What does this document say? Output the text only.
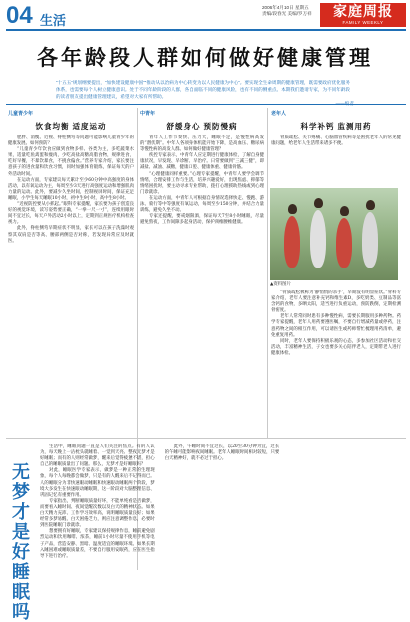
04 生活
2006年4月10日 星期五
责编/段春光 美编/罗万祥	家庭周报
FAMILY WEEKLY
各年龄段人群如何做好健康管理
“十五五”规划纲要提出，“加快建设健康中国”“推动从以治病为中心转变为以人民健康为中心”。要实现全生命周期的健康管理，既需要政府优化服务体系，也需要每个人树立健康意识。处于不同年龄阶段的人群，各自面临不同的健康风险，也有不同的侧重点。本期我们邀请专家，为不同年龄段的读者朋友提出健康管理建议，希望对大家有所帮助。
儿童青少年
饮食均衡 适度运动

肥胖、消瘦、近视、脊柱侧弯等问题可能影响儿童青少年的健康发展。如何预防？

“儿童青少年饮食应做到食物多样、谷类为主，多吃蔬菜水果，适量吃鱼禽蛋和瘦肉，少吃高盐高糖高脂食物，规律进食，吃好早餐，不暴饮暴食，不挑食偏食。”营养专家介绍，家长要注意孩子的进食量和饮食习惯，同时加强体育锻炼，保证每天的户外活动时间。

在运动方面，专家建议每天累计至少60分钟中高强度的身体活动，以有氧运动为主，每周至少3天进行高强度运动和增强肌肉力量的运动。此外，要减少久坐时间，控制视屏时间，保证充足睡眠，小学生每天睡眠10小时，初中生9小时，高中生8小时。

“近视防控要从小抓起。”眼科专家提醒，家长要为孩子创造良好的视觉环境，读写姿势要正确，“一拳一尺一寸”，连续用眼时间不宜过长，每天户外活动2小时以上，定期到正规医疗机构检查视力。

此外，脊柱侧弯早期症状不明显，家长可以在孩子洗澡时观察其双肩是否等高、腰部两侧是否对称，若发现异常应及时就医。

中青年
舒缓身心 预防慢病

青年人工作节奏快、压力大，睡眠不足，是慢性病高发的“潜伏期”。中年人各项身体机能开始下降，是高血压、糖尿病等慢性病的高发人群。如何做好健康管理？

疾控专家表示，中青年人应定期进行健康体检，了解自身健康状况，早发现、早诊断、早治疗。日常要做到“三减三健”，即减盐、减油、减糖，健康口腔、健康体重、健康骨骼。

“心理健康同样重要。”心理专家提醒，中青年人要学会调节情绪，合理安排工作与生活，培养兴趣爱好，出现焦虑、抑郁等情绪困扰时，要主动寻求专业帮助，拨打心理援助热线或到心理门诊就诊。

在运动方面，中青年人可根据自身情况选择快走、慢跑、游泳、骑行等中等强度有氧运动，每周至少150分钟，并结合力量训练，避免久坐不动。

专家还提醒，要戒烟限酒，保证每天7至8小时睡眠，尽量避免熬夜，工作间隙多起身活动，保护颈椎腰椎健康。

老年人
科学补钙 监测用药

骨质疏松、关节疼痛、心脑血管疾病等是困扰老年人的常见健康问题，给老年人生活带来诸多不便。

▲资料图片

“骨质疏松被称为‘静悄悄的杀手’，早期没有明显症状。”骨科专家介绍，老年人要注意补充钙和维生素D，多吃奶类、豆制品等富含钙的食物，多晒太阳，适当进行负重运动，预防跌倒，定期检测骨密度。

老年人常常同时患有多种慢性病，需要长期服用多种药物。药学专家提醒，老年人用药要遵医嘱，不要自行增减药量或停药，注意药物之间的相互作用，可以请医生或药师帮忙梳理用药清单，避免重复用药。

同时，老年人要保持积极乐观的心态，多参加社区活动和社交活动，丰富精神生活，子女也要多关心陪伴老人，定期带老人进行健康体检。

无梦才是好睡眠吗

生活中，睡眠问题一直是人们关注的焦点。有的人认为，每天晚上一沾枕头就睡着、一觉到天亮、整夜无梦才是好睡眠；而有的人则经常做梦，醒来后觉得疲惫不堪，担心自己的睡眠质量出了问题。那么，无梦才是好睡眠吗？

对此，睡眠医学专家表示，做梦是一种正常的生理现象，每个人每晚都会做梦，只是有的人醒来后不记得而已。人的睡眠分为非快速眼动睡眠和快速眼动睡眠两个阶段，梦境大多发生在快速眼动睡眠期，这一阶段对大脑整理信息、巩固记忆有重要作用。

专家指出，判断睡眠质量好坏，不能单纯看是否做梦，而要看入睡时间、夜间觉醒次数以及白天的精神状态。如果白天精力充沛、工作学习效率高，说明睡眠质量良好；如果经常多梦易醒、白天困倦乏力，则应注意调整作息，必要时到医院睡眠门诊就诊。

想要拥有好睡眠，专家建议保持规律作息，睡前避免剧烈运动和饮用咖啡、浓茶，睡前1小时尽量不使用手机等电子产品，营造安静、黑暗、温度适宜的睡眠环境。如果长期入睡困难或睡眠质量差，不要自行服用安眠药，应在医生指导下进行治疗。

此外，午睡时间不宜过长，以20至30分钟为宜，过长的午睡可能影响夜间睡眠。老年人睡眠时间相对较短，只要白天精神好，就不必过于担心。
